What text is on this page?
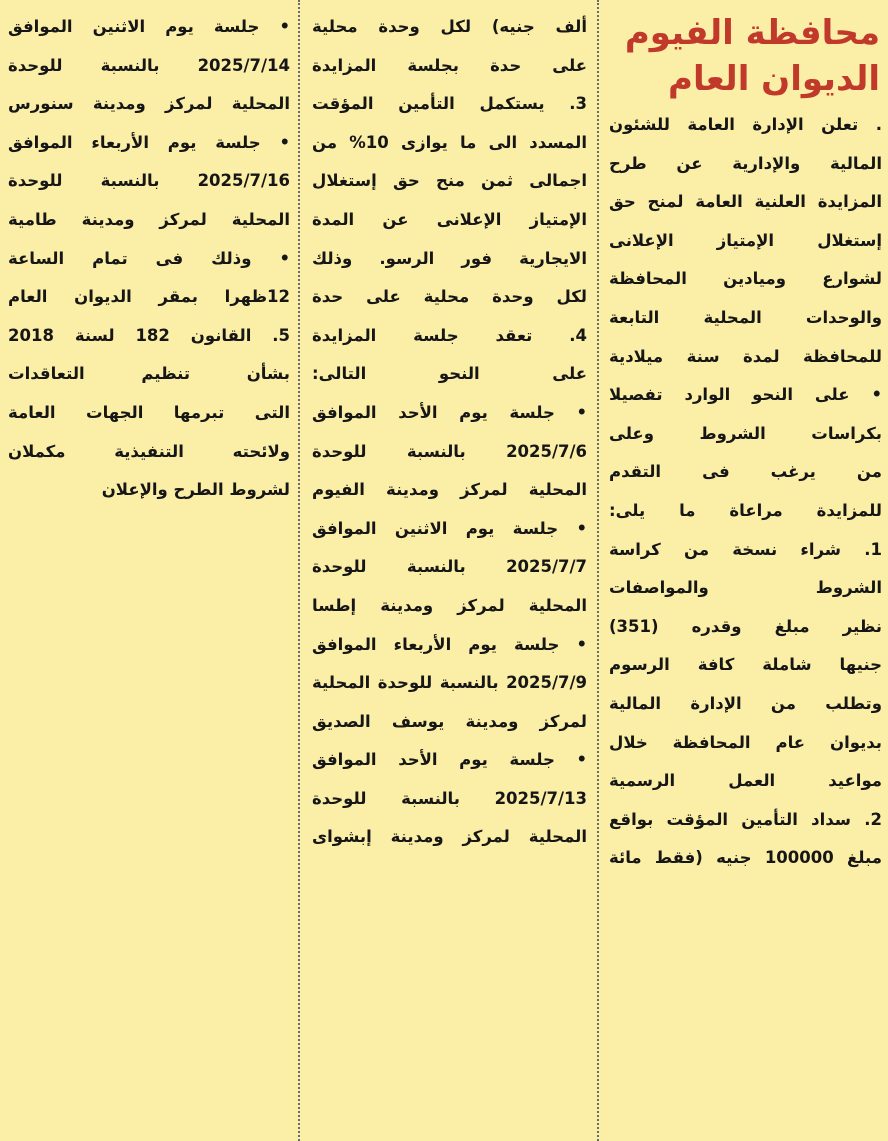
محافظة الفيوم
الديوان العام
. تعلن الإدارة العامة للشئون
المالية والإدارية عن طرح
المزايدة العلنية العامة لمنح حق
إستغلال الإمتياز الإعلانى
لشوارع وميادين المحافظة
والوحدات المحلية التابعة
للمحافظة لمدة سنة ميلادية
• على النحو الوارد تفصيلا
بكراسات الشروط وعلى
من يرغب فى التقدم
للمزايدة مراعاة ما يلى:
1. شراء نسخة من كراسة
الشروط والمواصفات
نظير مبلغ وقدره (351)
جنيها شاملة كافة الرسوم
وتطلب من الإدارة المالية
بديوان عام المحافظة خلال
مواعيد العمل الرسمية
2. سداد التأمين المؤقت بواقع
مبلغ 100000 جنيه (فقط مائة
ألف جنيه) لكل وحدة محلية
على حدة بجلسة المزايدة
3. يستكمل التأمين المؤقت
المسدد الى ما يوازى 10% من
اجمالى ثمن منح حق إستغلال
الإمتياز الإعلانى عن المدة
الايجارية فور الرسو. وذلك
لكل وحدة محلية على حدة
4. تعقد جلسة المزايدة
على النحو التالى:
• جلسة يوم الأحد الموافق
2025/7/6 بالنسبة للوحدة
المحلية لمركز ومدينة الفيوم
• جلسة يوم الاثنين الموافق
2025/7/7 بالنسبة للوحدة
المحلية لمركز ومدينة إطسا
• جلسة يوم الأربعاء الموافق
2025/7/9 بالنسبة للوحدة المحلية
لمركز ومدينة يوسف الصديق
• جلسة يوم الأحد الموافق
2025/7/13 بالنسبة للوحدة
المحلية لمركز ومدينة إبشواى
• جلسة يوم الاثنين الموافق
2025/7/14 بالنسبة للوحدة
المحلية لمركز ومدينة سنورس
• جلسة يوم الأربعاء الموافق
2025/7/16 بالنسبة للوحدة
المحلية لمركز ومدينة طامية
• وذلك فى تمام الساعة
12ظهرا بمقر الديوان العام
5. القانون 182 لسنة 2018
بشأن تنظيم التعاقدات
التى تبرمها الجهات العامة
ولائحته التنفيذية مكملان
لشروط الطرح والإعلان
